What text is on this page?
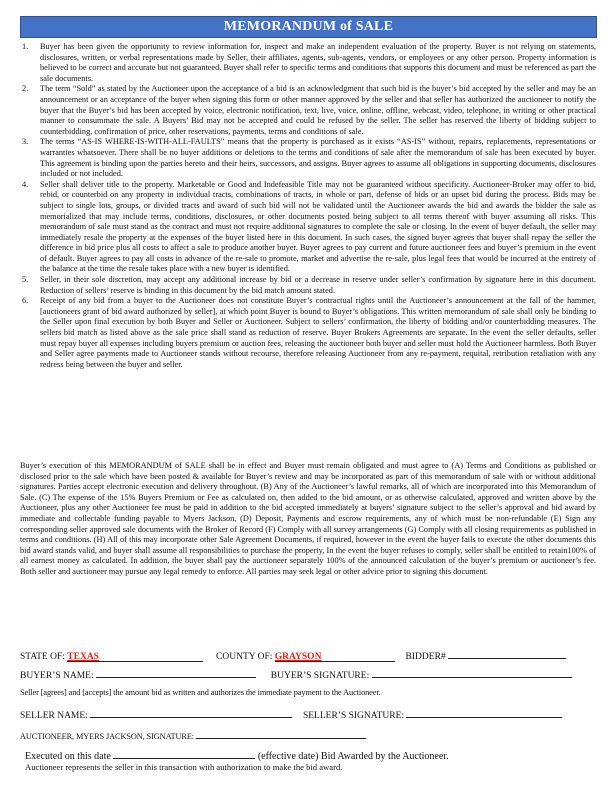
MEMORANDUM of SALE
1.	Buyer has been given the opportunity to review information for, inspect and make an independent evaluation of the property. Buyer is not relying on statements, disclosures, written, or verbal representations made by Seller, their affiliates, agents, sub-agents, vendors, or employees or any other person. Property information is believed to be correct and accurate but not guaranteed. Buyer shall refer to specific terms and conditions that supports this document and must be referenced as part the sale documents.
2.	The term “Sold” as stated by the Auctioneer upon the acceptance of a bid is an acknowledgment that such bid is the buyer’s bid accepted by the seller and may be an announcement or an acceptance of the buyer when signing this form or other manner approved by the seller and that seller has authorized the auctioneer to notify the buyer that the Buyer’s bid has been accepted by voice, electronic notification, text, live, voice, online, offline, webcast, video, telephone, in writing or other practical manner to consummate the sale. A Buyers’ Bid may not be accepted and could be refused by the seller. The seller has reserved the liberty of bidding subject to counterbidding, confirmation of price, other reservations, payments, terms and conditions of sale.
3.	The terms “AS-IS WHERE-IS-WITH-ALL-FAULTS” means that the property is purchased as it exists “AS-IS” without, repairs, replacements, representations or warranties whatsoever. There shall be no buyer additions or deletions to the terms and conditions of sale after the memorandum of sale has been executed by buyer. This agreement is binding upon the parties hereto and their heirs, successors, and assigns. Buyer agrees to assume all obligations in supporting documents, disclosures included or not included.
4.	Seller shall deliver title to the property. Marketable or Good and Indefeasible Title may not be guaranteed without specificity. Auctioneer-Broker may offer to bid, rebid, or counterbid on any property in individual tracts, combinations of tracts, in whole or part, defense of bids or an upset bid during the process. Bids may be subject to single lots, groups, or divided tracts and award of such bid will not be validated until the Auctioneer awards the bid and awards the bidder the sale as memorialized that may include terms, conditions, disclosures, or other documents posted being subject to all terms thereof with buyer assuming all risks. This memorandum of sale must stand as the contract and must not require additional signatures to complete the sale or closing. In the event of buyer default, the seller may immediately resale the property at the expenses of the buyer listed here in this document. In such cases, the signed buyer agrees that buyer shall repay the seller the difference in bid price plus all costs to affect a sale to produce another buyer. Buyer agrees to pay current and future auctioneer fees and buyer’s premium in the event of default. Buyer agrees to pay all costs in advance of the re-sale to promote, market and advertise the re-sale, plus legal fees that would be incurred at the entirety of the balance at the time the resale takes place with a new buyer is identified.
5.	Seller, in their sole discretion, may accept any additional increase by bid or a decrease in reserve under seller’s confirmation by signature here in this document. Reduction of sellers’ reserve is binding in this document by the bid match amount stated.
6.	Receipt of any bid from a buyer to the Auctioneer does not constitute Buyer’s contractual rights until the Auctioneer’s announcement at the fall of the hammer, [auctioneers grant of bid award authorized by seller], at which point Buyer is bound to Buyer’s obligations. This written memorandum of sale shall only be binding to the Seller upon final execution by both Buyer and Seller or Auctioneer. Subject to sellers’ confirmation, the liberty of bidding and/or counterbidding measures. The sellers bid match as listed above as the sale price shall stand as reduction of reserve. Buyer Brokers Agreements are separate. In the event the seller defaults, seller must repay buyer all expenses including buyers premium or auction fees, releasing the auctioneer both buyer and seller must hold the Auctioneer harmless. Both Buyer and Seller agree payments made to Auctioneer stands without recourse, therefore releasing Auctioneer from any re-payment, requital, retribution retaliation with any redress being between the buyer and seller.
Buyer’s execution of this MEMORANDUM of SALE shall be in effect and Buyer must remain obligated and must agree to (A) Terms and Conditions as published or disclosed prior to the sale which have been posted & available for Buyer’s review and may be incorporated as part of this memorandum of sale with or without additional signatures. Parties accept electronic execution and delivery throughout. (B) Any of the Auctioneer’s lawful remarks, all of which are incorporated into this Memorandum of Sale. (C) The expense of the 15% Buyers Premium or Fee as calculated on, then added to the bid amount, or as otherwise calculated, approved and written above by the Auctioneer, plus any other Auctioneer fee must be paid in addition to the bid accepted immediately at buyers’ signature subject to the seller’s approval and bid award by immediate and collectable funding payable to Myers Jackson, (D) Deposit, Payments and escrow requirements, any of which must be non-refundable (E) Sign any corresponding seller approved sale documents with the Broker of Record (F) Comply with all survey arrangements (G) Comply with all closing requirements as published in terms and conditions. (H) All of this may incorporate other Sale Agreement Documents, if required, however in the event the buyer fails to execute the other documents this bid award stands valid, and buyer shall assume all responsibilities to purchase the property, In the event the buyer refuses to comply, seller shall be entitled to retain100% of all earnest money as calculated. In addition, the buyer shall pay the auctioneer separately 100% of the announced calculation of the buyer’s premium or auctioneer’s fee. Both seller and auctioneer may pursue any legal remedy to enforce. All parties may seek legal or other advice prior to signing this document.
STATE OF: TEXAS	COUNTY OF: GRAYSON	BIDDER#
BUYER’S NAME:	BUYER’S SIGNATURE:
Seller [agrees] and [accepts] the amount bid as written and authorizes the immediate payment to the Auctioneer.
SELLER NAME:	SELLER’S SIGNATURE:
AUCTIONEER, MYERS JACKSON, SIGNATURE:
Executed on this date	(effective date) Bid Awarded by the Auctioneer.
Auctioneer represents the seller in this transaction with authorization to make the bid award.
